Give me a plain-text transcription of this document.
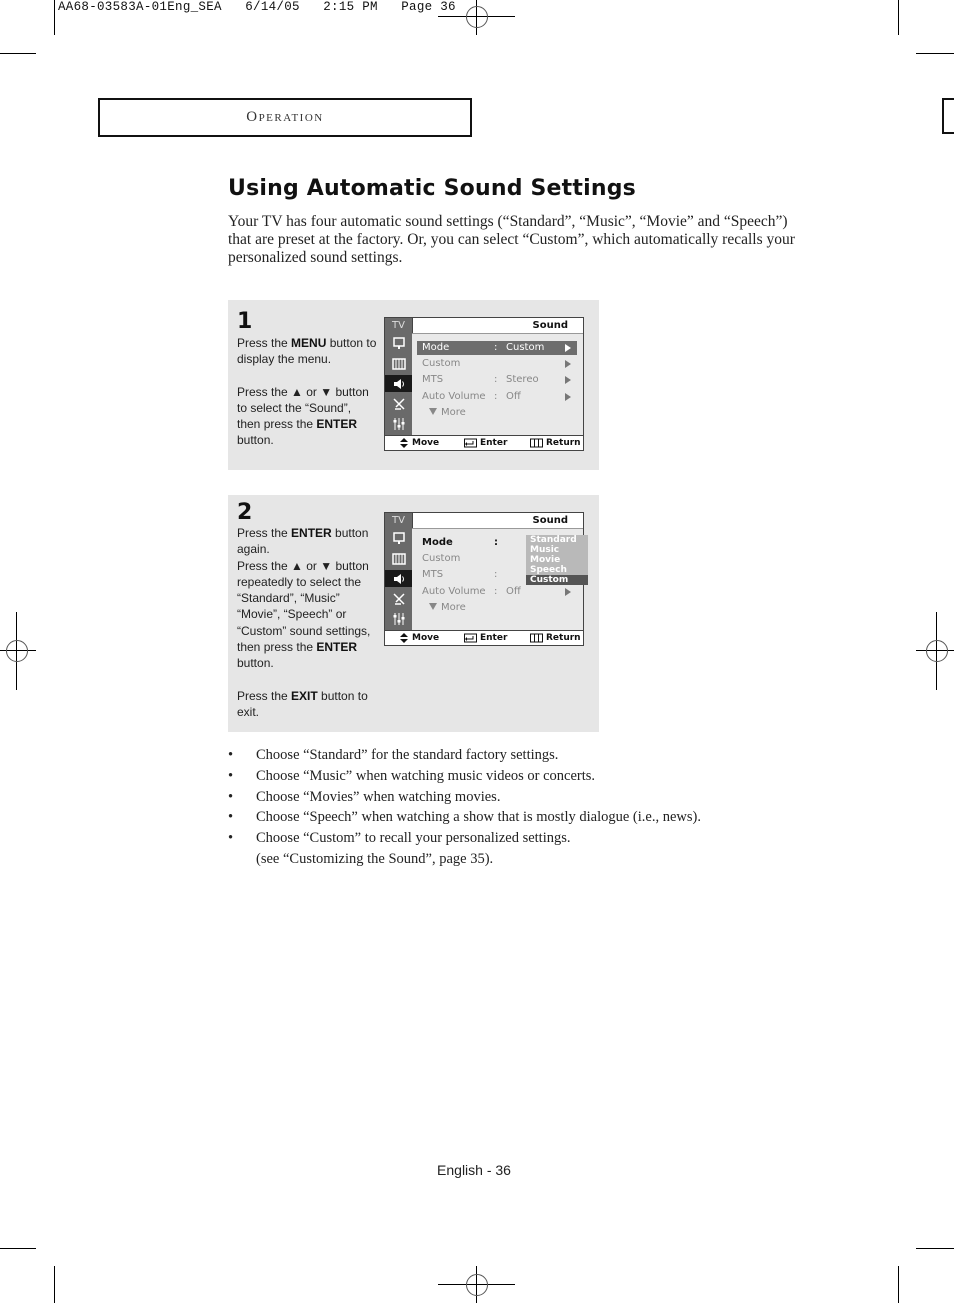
AA68-03583A-01Eng_SEA   6/14/05   2:15 PM   Page 36
Operation
Using Automatic Sound Settings
Your TV has four automatic sound settings (“Standard”, “Music”, “Movie” and “Speech”) that are preset at the factory. Or, you can select “Custom”, which automatically recalls your personalized sound settings.
1

Press the MENU button to display the menu.

Press the ▲ or ▼ button to select the “Sound”, then press the ENTER button.

TV	Sound
Mode	: Custom
Custom
MTS	: Stereo
Auto Volume : Off
More
Move	Enter	Return
2

Press the ENTER button again.

Press the ▲ or ▼ button repeatedly to select the “Standard”, “Music” “Movie”, “Speech” or “Custom” sound settings, then press the ENTER button.

Press the EXIT button to exit.

TV	Sound
Mode	:
Custom
MTS	:
Auto Volume : Off
More
Standard
Music
Movie
Speech
Custom
Move	Enter	Return
• Choose “Standard” for the standard factory settings.
• Choose “Music” when watching music videos or concerts.
• Choose “Movies” when watching movies.
• Choose “Speech” when watching a show that is mostly dialogue (i.e., news).
• Choose “Custom” to recall your personalized settings.
(see “Customizing the Sound”, page 35).
English - 36
